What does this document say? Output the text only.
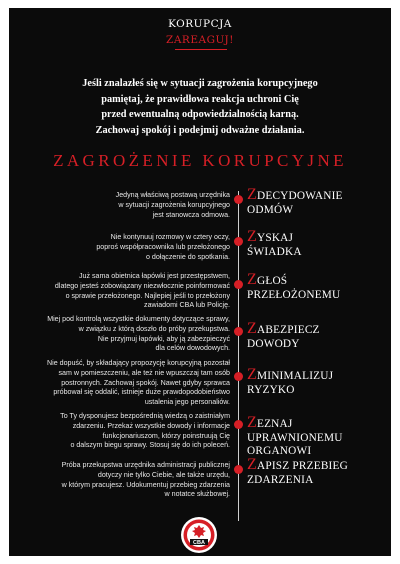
KORUPCJA
ZAREAGUJ!
Jeśli znalazłeś się w sytuacji zagrożenia korupcyjnego
pamiętaj, że prawidłowa reakcja uchroni Cię
przed ewentualną odpowiedzialnością karną.
Zachowaj spokój i podejmij odważne działania.
ZAGROŻENIE KORUPCYJNE
Jedyną właściwą postawą urzędnika
w sytuacji zagrożenia korupcyjnego
jest stanowcza odmowa.
ZDECYDOWANIE
ODMÓW
Nie kontynuuj rozmowy w cztery oczy,
poproś współpracownika lub przełożonego
o dołączenie do spotkania.
ZYSKAJ
ŚWIADKA
Już sama obietnica łapówki jest przestępstwem,
dlatego jesteś zobowiązany niezwłocznie poinformować
o sprawie przełożonego. Najlepiej jeśli to przełożony
zawiadomi CBA lub Policję.
ZGŁOŚ
PRZEŁOŻONEMU
Miej pod kontrolą wszystkie dokumenty dotyczące sprawy,
w związku z którą doszło do próby przekupstwa.
Nie przyjmuj łapówki, aby ją zabezpieczyć
dla celów dowodowych.
ZABEZPIECZ
DOWODY
Nie dopuść, by składający propozycję korupcyjną pozostał
sam w pomieszczeniu, ale też nie wpuszczaj tam osób
postronnych. Zachowaj spokój. Nawet gdyby sprawca
próbował się oddalić, istnieje duże prawdopodobieństwo
ustalenia jego personaliów.
ZMINIMALIZUJ
RYZYKO
To Ty dysponujesz bezpośrednią wiedzą o zaistniałym
zdarzeniu. Przekaż wszystkie dowody i informacje
funkcjonariuszom, którzy poinstruują Cię
o dalszym biegu sprawy. Stosuj się do ich poleceń.
ZEZNAJ UPRAWNIONEMU
ORGANOWI
Próba przekupstwa urzędnika administracji publicznej
dotyczy nie tylko Ciebie, ale także urzędu,
w którym pracujesz. Udokumentuj przebieg zdarzenia
w notatce służbowej.
ZAPISZ PRZEBIEG
ZDARZENIA
CBA
